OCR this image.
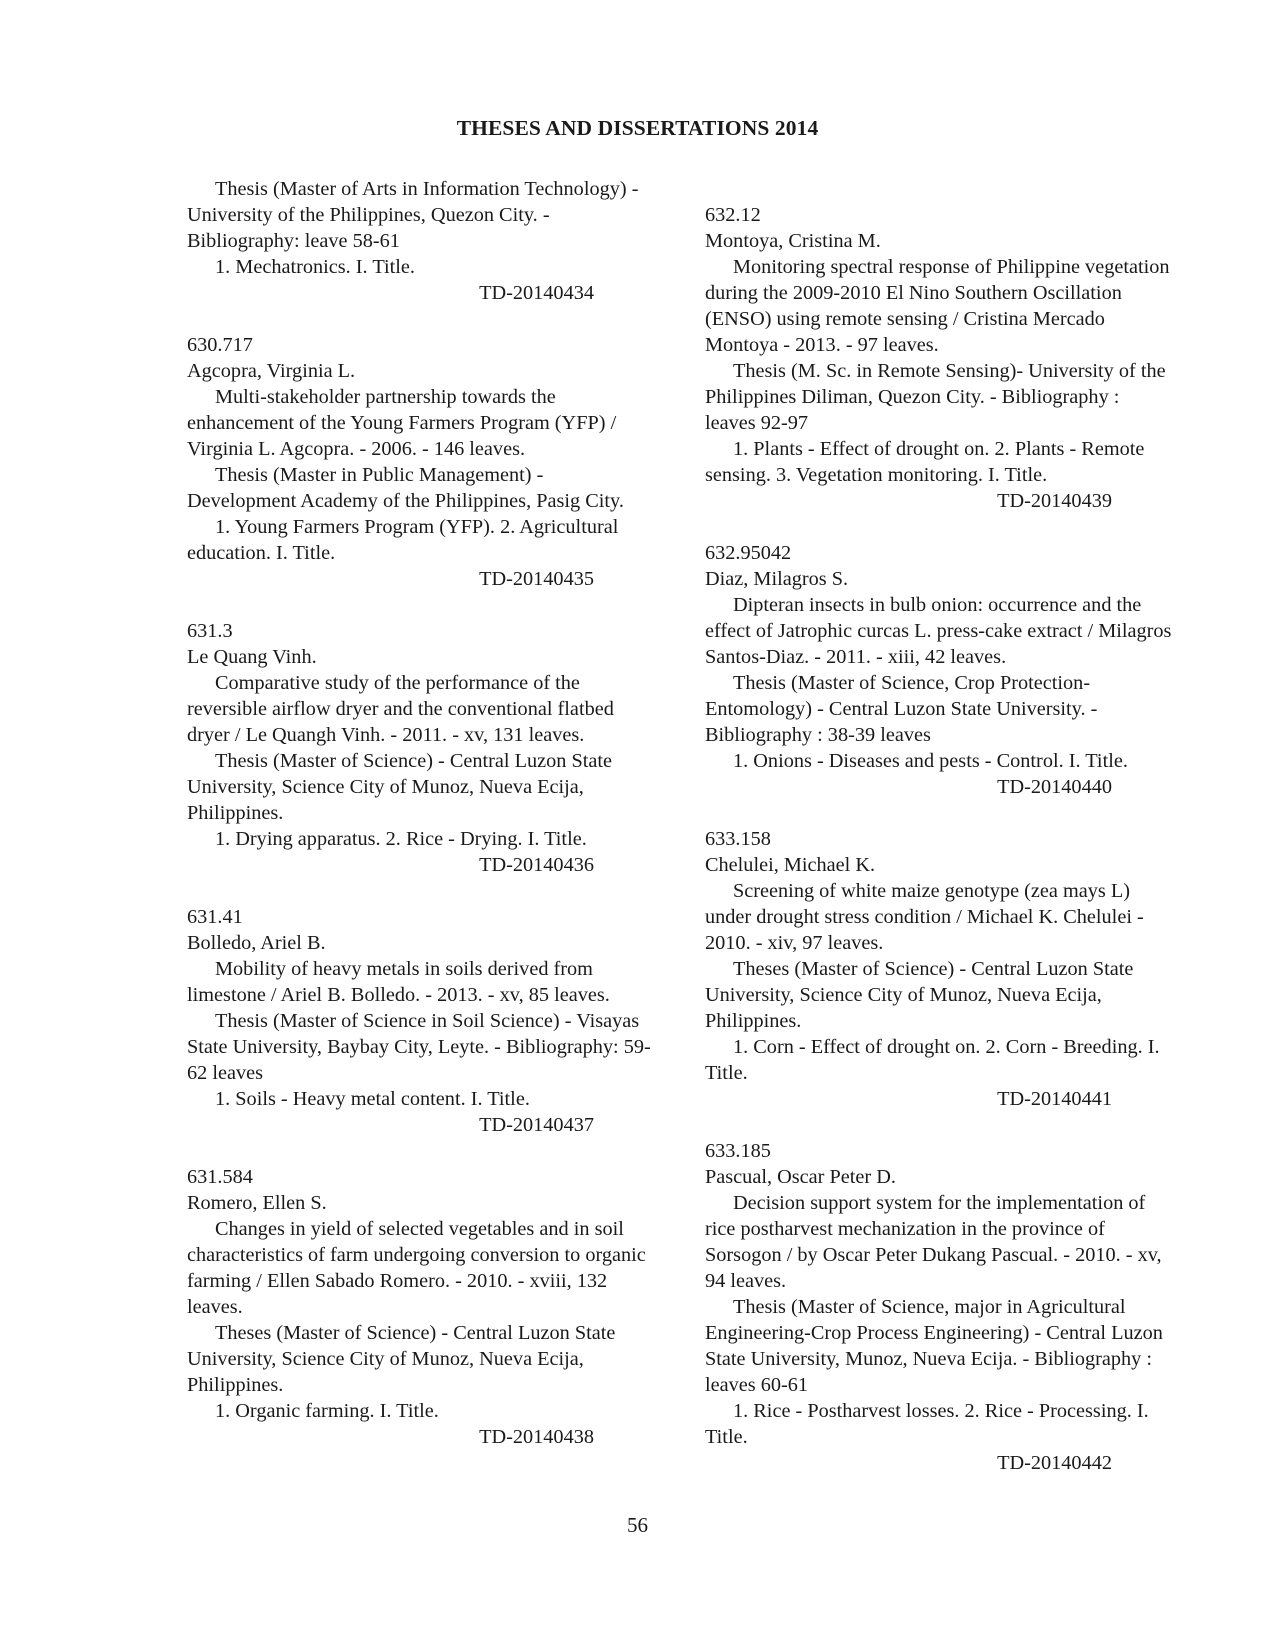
THESES AND DISSERTATIONS 2014

Thesis (Master of Arts in Information Technology) - University of the Philippines, Quezon City. - Bibliography: leave 58-61

1. Mechatronics. I. Title.

TD-20140434

630.717

Agcopra, Virginia L.

Multi-stakeholder partnership towards the enhancement of the Young Farmers Program (YFP) / Virginia L. Agcopra. - 2006. - 146 leaves.

Thesis (Master in Public Management) - Development Academy of the Philippines, Pasig City.

1. Young Farmers Program (YFP). 2. Agricultural education. I. Title.

TD-20140435

631.3

Le Quang Vinh.

Comparative study of the performance of the reversible airflow dryer and the conventional flatbed dryer / Le Quangh Vinh. - 2011. - xv, 131 leaves.

Thesis (Master of Science) - Central Luzon State University, Science City of Munoz, Nueva Ecija, Philippines.

1. Drying apparatus. 2. Rice - Drying. I. Title.

TD-20140436

631.41

Bolledo, Ariel B.

Mobility of heavy metals in soils derived from limestone / Ariel B. Bolledo. - 2013. - xv, 85 leaves.

Thesis (Master of Science in Soil Science) - Visayas State University, Baybay City, Leyte. - Bibliography: 59-62 leaves

1. Soils - Heavy metal content. I. Title.

TD-20140437

631.584

Romero, Ellen S.

Changes in yield of selected vegetables and in soil characteristics of farm undergoing conversion to organic farming / Ellen Sabado Romero. - 2010. - xviii, 132 leaves.

Theses (Master of Science) - Central Luzon State University, Science City of Munoz, Nueva Ecija, Philippines.

1. Organic farming. I. Title.

TD-20140438

632.12

Montoya, Cristina M.

Monitoring spectral response of Philippine vegetation during the 2009-2010 El Nino Southern Oscillation (ENSO) using remote sensing / Cristina Mercado Montoya - 2013. - 97 leaves.

Thesis (M. Sc. in Remote Sensing)- University of the Philippines Diliman, Quezon City. - Bibliography : leaves 92-97

1. Plants - Effect of drought on. 2. Plants - Remote sensing. 3. Vegetation monitoring. I. Title.

TD-20140439

632.95042

Diaz, Milagros S.

Dipteran insects in bulb onion: occurrence and the effect of Jatrophic curcas L. press-cake extract / Milagros Santos-Diaz. - 2011. - xiii, 42 leaves.

Thesis (Master of Science, Crop Protection-Entomology) - Central Luzon State University. - Bibliography : 38-39 leaves

1. Onions - Diseases and pests - Control. I. Title.

TD-20140440

633.158

Chelulei, Michael K.

Screening of white maize genotype (zea mays L) under drought stress condition / Michael K. Chelulei - 2010. - xiv, 97 leaves.

Theses (Master of Science) - Central Luzon State University, Science City of Munoz, Nueva Ecija, Philippines.

1. Corn - Effect of drought on. 2. Corn - Breeding. I. Title.

TD-20140441

633.185

Pascual, Oscar Peter D.

Decision support system for the implementation of rice postharvest mechanization in the province of Sorsogon / by Oscar Peter Dukang Pascual. - 2010. - xv, 94 leaves.

Thesis (Master of Science, major in Agricultural Engineering-Crop Process Engineering) - Central Luzon State University, Munoz, Nueva Ecija. - Bibliography : leaves 60-61

1. Rice - Postharvest losses. 2. Rice - Processing. I. Title.

TD-20140442

56
